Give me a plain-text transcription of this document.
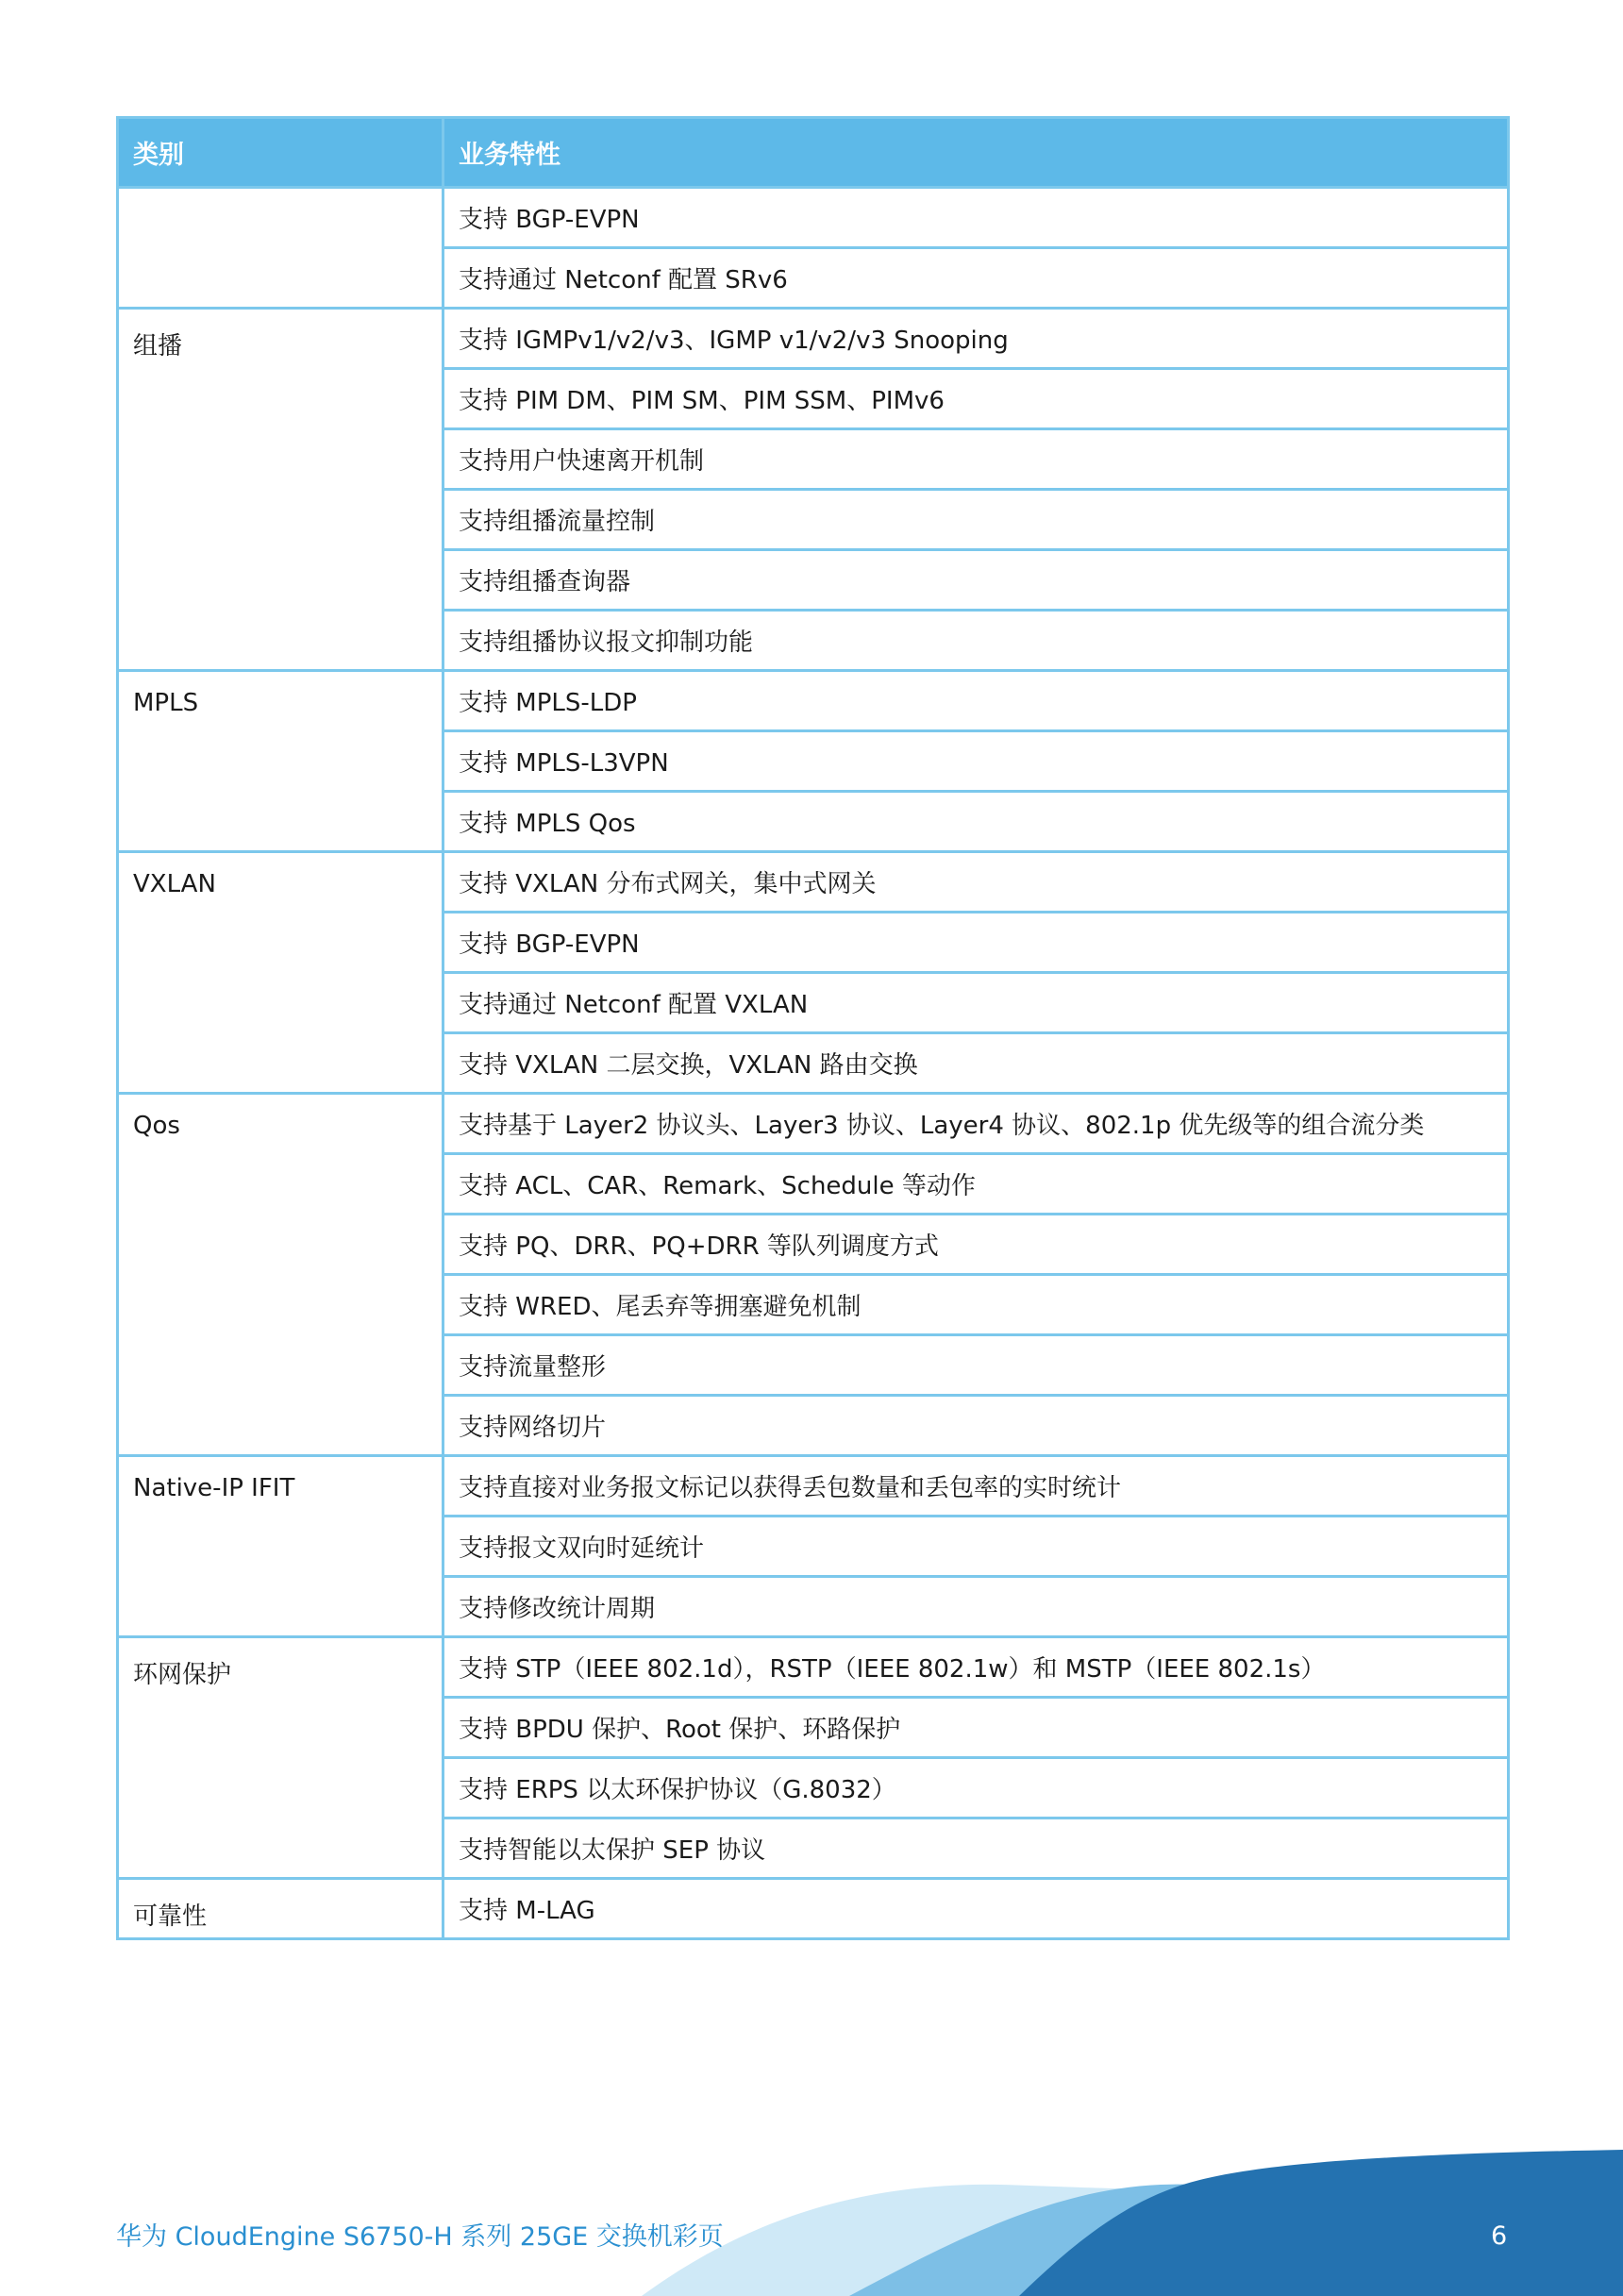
类别	业务特性
	支持 BGP-EVPN
	支持通过 Netconf 配置 SRv6
组播	支持 IGMPv1/v2/v3、IGMP v1/v2/v3 Snooping
	支持 PIM DM、PIM SM、PIM SSM、PIMv6
	支持用户快速离开机制
	支持组播流量控制
	支持组播查询器
	支持组播协议报文抑制功能
MPLS	支持 MPLS-LDP
	支持 MPLS-L3VPN
	支持 MPLS Qos
VXLAN	支持 VXLAN 分布式网关，集中式网关
	支持 BGP-EVPN
	支持通过 Netconf 配置 VXLAN
	支持 VXLAN 二层交换，VXLAN 路由交换
Qos	支持基于 Layer2 协议头、Layer3 协议、Layer4 协议、802.1p 优先级等的组合流分类
	支持 ACL、CAR、Remark、Schedule 等动作
	支持 PQ、DRR、PQ+DRR 等队列调度方式
	支持 WRED、尾丢弃等拥塞避免机制
	支持流量整形
	支持网络切片
Native-IP IFIT	支持直接对业务报文标记以获得丢包数量和丢包率的实时统计
	支持报文双向时延统计
	支持修改统计周期
环网保护	支持 STP（IEEE 802.1d），RSTP（IEEE 802.1w）和 MSTP（IEEE 802.1s）
	支持 BPDU 保护、Root 保护、环路保护
	支持 ERPS 以太环保护协议（G.8032）
	支持智能以太保护 SEP 协议
可靠性	支持 M-LAG
华为 CloudEngine S6750-H 系列 25GE 交换机彩页	6
